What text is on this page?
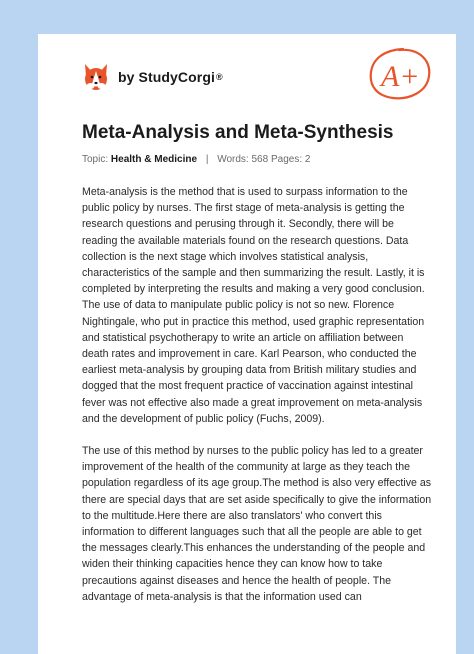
by StudyCorgi ®	A+
Meta-Analysis and Meta-Synthesis
Topic: Health & Medicine | Words: 568 Pages: 2

Meta-analysis is the method that is used to surpass information to the public policy by nurses. The first stage of meta-analysis is getting the research questions and perusing through it. Secondly, there will be reading the available materials found on the research questions. Data collection is the next stage which involves statistical analysis, characteristics of the sample and then summarizing the result. Lastly, it is completed by interpreting the results and making a very good conclusion. The use of data to manipulate public policy is not so new. Florence Nightingale, who put in practice this method, used graphic representation and statistical psychotherapy to write an article on affiliation between death rates and improvement in care. Karl Pearson, who conducted the earliest meta-analysis by grouping data from British military studies and dogged that the most frequent practice of vaccination against intestinal fever was not effective also made a great improvement on meta-analysis and the development of public policy (Fuchs, 2009).

The use of this method by nurses to the public policy has led to a greater improvement of the health of the community at large as they teach the population regardless of its age group.The method is also very effective as there are special days that are set aside specifically to give the information to the multitude.Here there are also translators' who convert this information to different languages such that all the people are able to get the messages clearly.This enhances the understanding of the people and widen their thinking capacities hence they can know how to take precautions against diseases and hence the health of people. The advantage of meta-analysis is that the information used can
